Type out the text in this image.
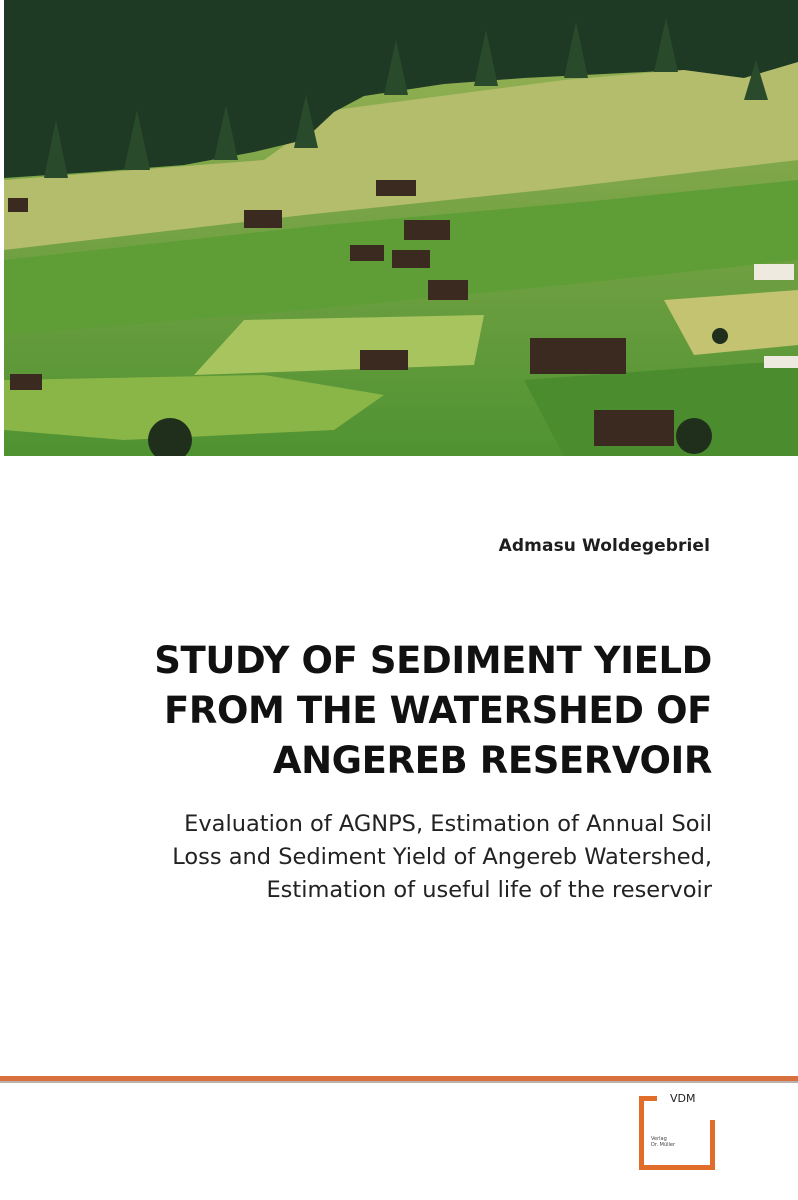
Admasu Woldegebriel
STUDY OF SEDIMENT YIELD
FROM THE WATERSHED OF
ANGEREB RESERVOIR
Evaluation of AGNPS, Estimation of Annual Soil
Loss and Sediment Yield of Angereb Watershed,
Estimation of useful life of the reservoir
VDM
Verlag
Dr. Müller
